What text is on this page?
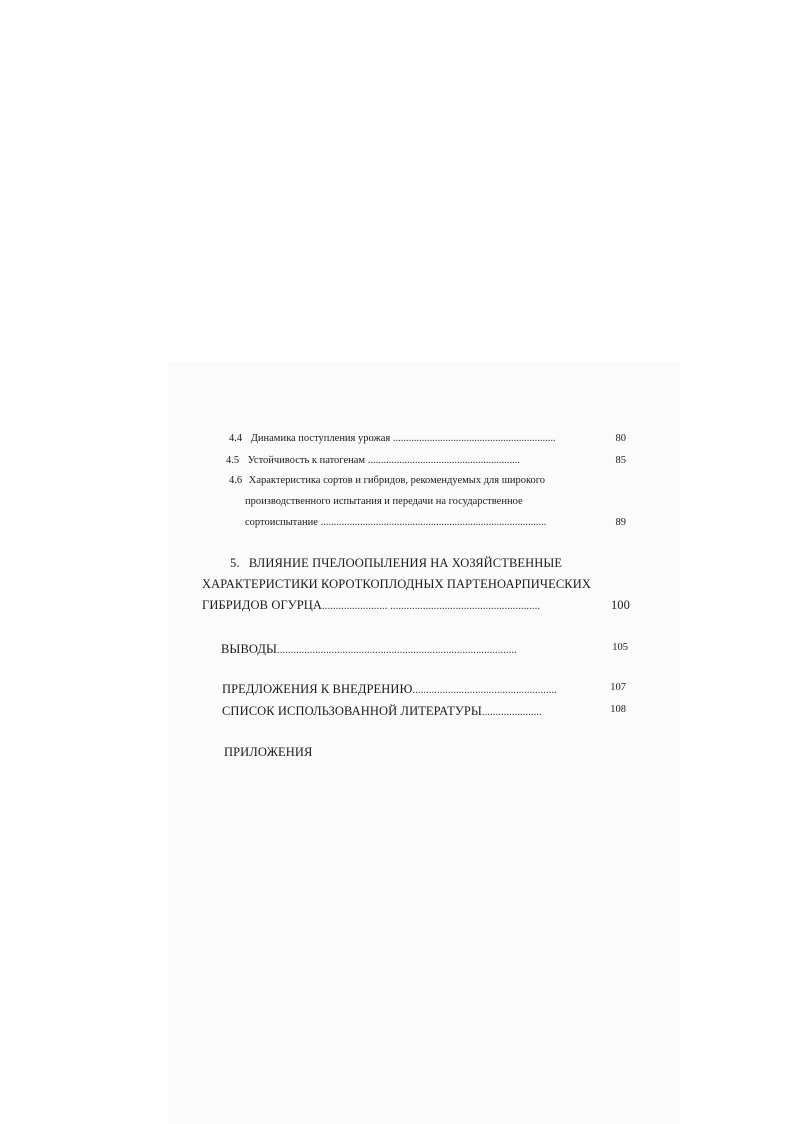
4.4 Динамика поступления урожая ..............................................................	80
4.5 Устойчивость к патогенам ..........................................................	85
4.6 Характеристика сортов и гибридов, рекомендуемых для широкого
производственного испытания и передачи на государственное
сортоиспытание ......................................................................................	89
5. ВЛИЯНИЕ ПЧЕЛООПЫЛЕНИЯ НА ХОЗЯЙСТВЕННЫЕ
ХАРАКТЕРИСТИКИ КОРОТКОПЛОДНЫХ ПАРТЕНОАРПИЧЕСКИХ
ГИБРИДОВ ОГУРЦА........................ .......................................................	100
ВЫВОДЫ........................................................................................	105
ПРЕДЛОЖЕНИЯ К ВНЕДРЕНИЮ.....................................................	107
СПИСОК ИСПОЛЬЗОВАННОЙ ЛИТЕРАТУРЫ......................	108
ПРИЛОЖЕНИЯ
